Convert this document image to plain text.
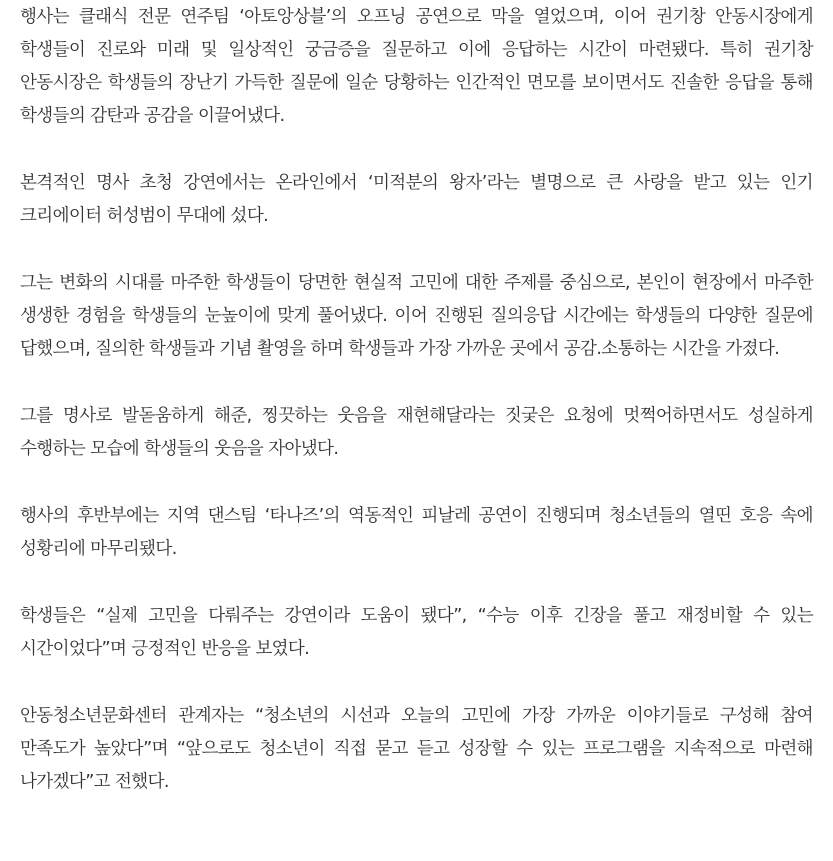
행사는 클래식 전문 연주팀 ‘아토앙상블’의 오프닝 공연으로 막을 열었으며, 이어 권기창 안동시장에게 학생들이 진로와 미래 및 일상적인 궁금증을 질문하고 이에 응답하는 시간이 마련됐다. 특히 권기창 안동시장은 학생들의 장난기 가득한 질문에 일순 당황하는 인간적인 면모를 보이면서도 진솔한 응답을 통해 학생들의 감탄과 공감을 이끌어냈다.

본격적인 명사 초청 강연에서는 온라인에서 ‘미적분의 왕자’라는 별명으로 큰 사랑을 받고 있는 인기 크리에이터 허성범이 무대에 섰다.

그는 변화의 시대를 마주한 학생들이 당면한 현실적 고민에 대한 주제를 중심으로, 본인이 현장에서 마주한 생생한 경험을 학생들의 눈높이에 맞게 풀어냈다. 이어 진행된 질의응답 시간에는 학생들의 다양한 질문에 답했으며, 질의한 학생들과 기념 촬영을 하며 학생들과 가장 가까운 곳에서 공감.소통하는 시간을 가졌다.

그를 명사로 발돋움하게 해준, 찡끗하는 웃음을 재현해달라는 짓궂은 요청에 멋쩍어하면서도 성실하게 수행하는 모습에 학생들의 웃음을 자아냈다.

행사의 후반부에는 지역 댄스팀 ‘타나즈’의 역동적인 피날레 공연이 진행되며 청소년들의 열띤 호응 속에 성황리에 마무리됐다.

학생들은 “실제 고민을 다뤄주는 강연이라 도움이 됐다”, “수능 이후 긴장을 풀고 재정비할 수 있는 시간이었다”며 긍정적인 반응을 보였다.

안동청소년문화센터 관계자는 “청소년의 시선과 오늘의 고민에 가장 가까운 이야기들로 구성해 참여 만족도가 높았다”며 “앞으로도 청소년이 직접 묻고 듣고 성장할 수 있는 프로그램을 지속적으로 마련해 나가겠다”고 전했다.
